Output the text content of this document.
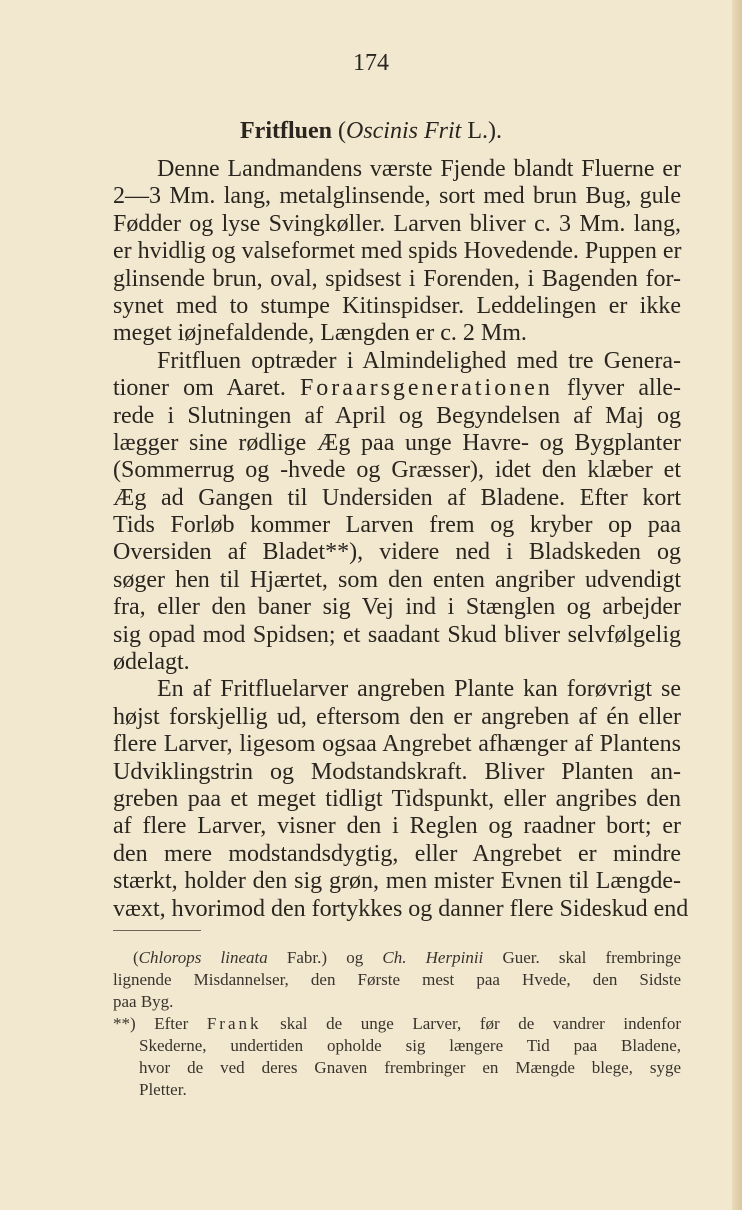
174
Fritfluen (Oscinis Frit L.).
Denne Landmandens værste Fjende blandt Fluerne er
2—3 Mm. lang, metalglinsende, sort med brun Bug, gule
Fødder og lyse Svingkøller. Larven bliver c. 3 Mm. lang,
er hvidlig og valseformet med spids Hovedende. Puppen er
glinsende brun, oval, spidsest i Forenden, i Bagenden for-
synet med to stumpe Kitinspidser. Leddelingen er ikke
meget iøjnefaldende, Længden er c. 2 Mm.
Fritfluen optræder i Almindelighed med tre Genera-
tioner om Aaret. Foraarsgenerationen flyver alle-
rede i Slutningen af April og Begyndelsen af Maj og
lægger sine rødlige Æg paa unge Havre- og Bygplanter
(Sommerrug og -hvede og Græsser), idet den klæber et
Æg ad Gangen til Undersiden af Bladene. Efter kort
Tids Forløb kommer Larven frem og kryber op paa
Oversiden af Bladet**), videre ned i Bladskeden og
søger hen til Hjærtet, som den enten angriber udvendigt
fra, eller den baner sig Vej ind i Stænglen og arbejder
sig opad mod Spidsen; et saadant Skud bliver selvfølgelig
ødelagt.
En af Fritfluelarver angreben Plante kan forøvrigt se
højst forskjellig ud, eftersom den er angreben af én eller
flere Larver, ligesom ogsaa Angrebet afhænger af Plantens
Udviklingstrin og Modstandskraft. Bliver Planten an-
greben paa et meget tidligt Tidspunkt, eller angribes den
af flere Larver, visner den i Reglen og raadner bort; er
den mere modstandsdygtig, eller Angrebet er mindre
stærkt, holder den sig grøn, men mister Evnen til Længde-
væxt, hvorimod den fortykkes og danner flere Sideskud end
(Chlorops lineata Fabr.) og Ch. Herpinii Guer. skal frembringe
lignende Misdannelser, den Første mest paa Hvede, den Sidste
paa Byg.
**) Efter Frank skal de unge Larver, før de vandrer indenfor
Skederne, undertiden opholde sig længere Tid paa Bladene,
hvor de ved deres Gnaven frembringer en Mængde blege, syge
Pletter.
